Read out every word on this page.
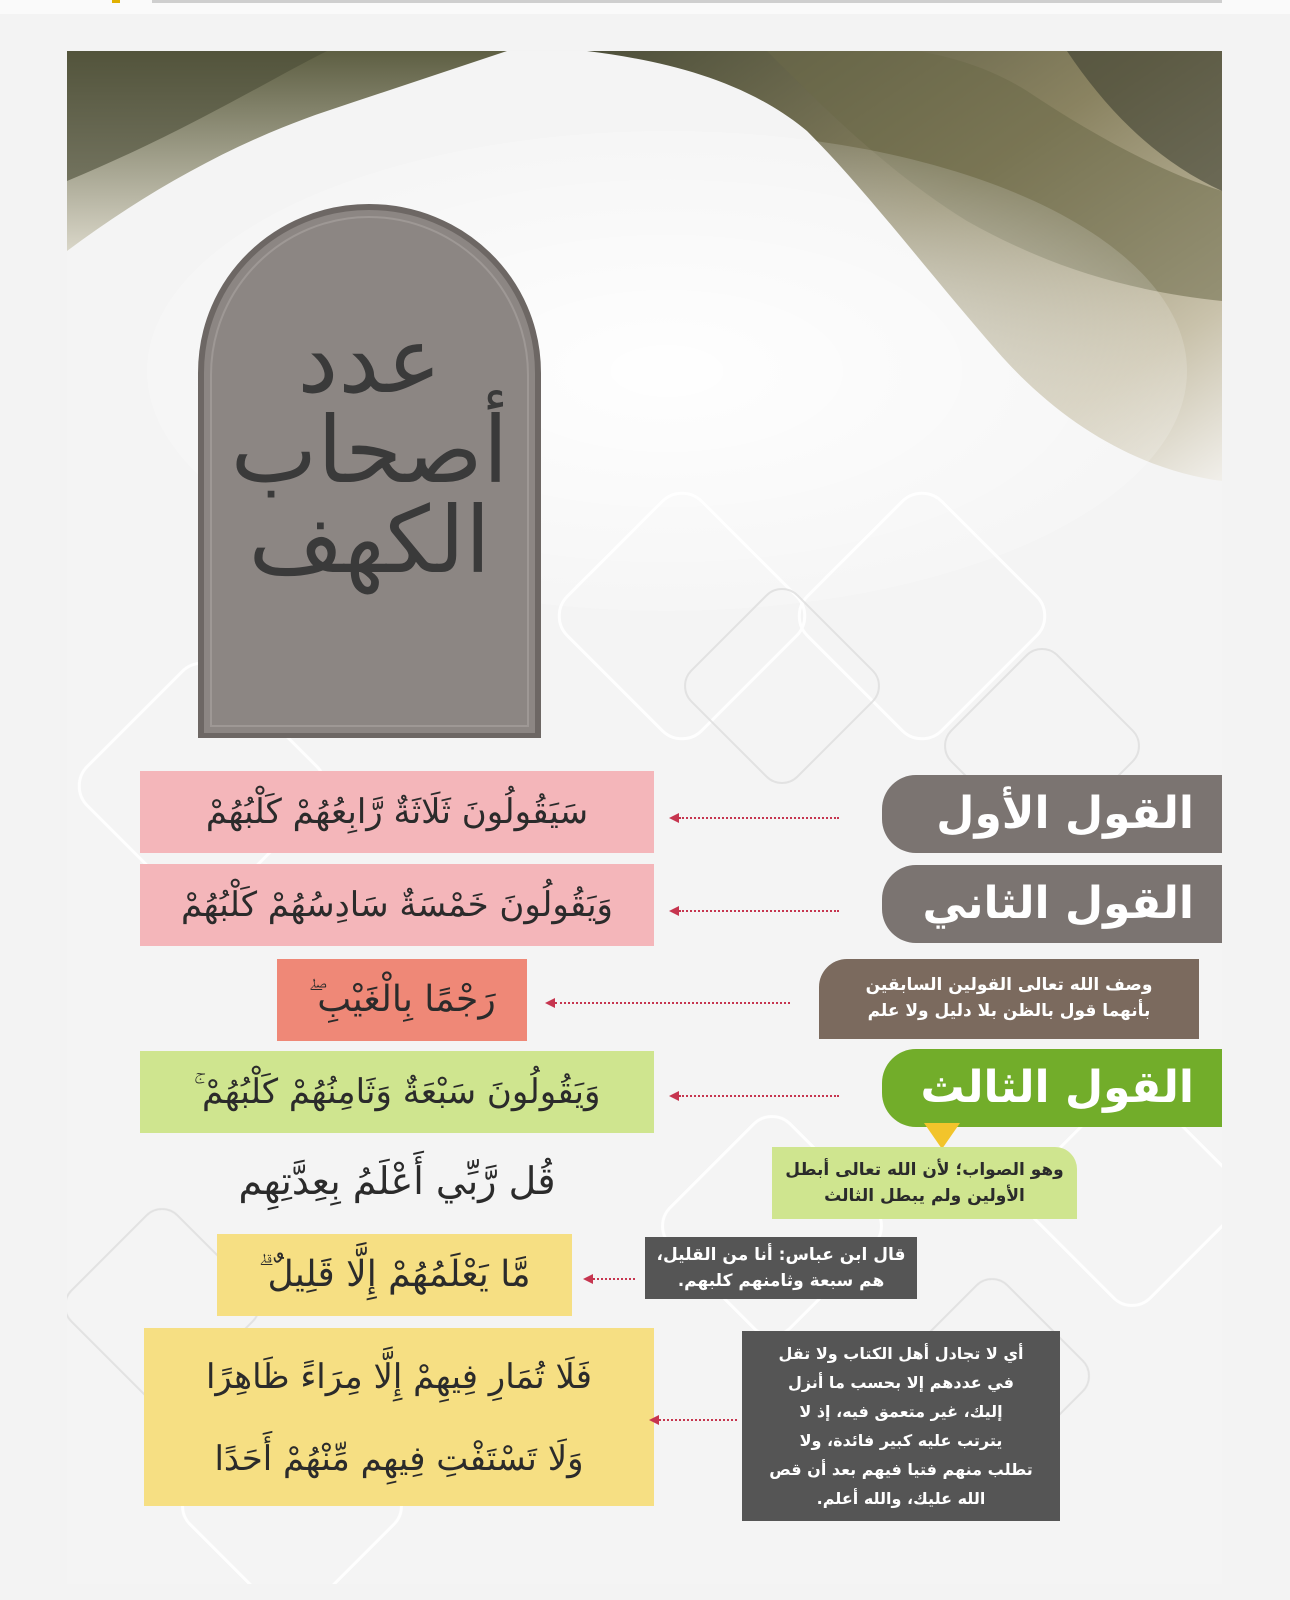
عدد
أصحاب
الكهف
القول الأول
القول الثاني
القول الثالث
سَيَقُولُونَ ثَلَاثَةٌ رَّابِعُهُمْ كَلْبُهُمْ
وَيَقُولُونَ خَمْسَةٌ سَادِسُهُمْ كَلْبُهُمْ
رَجْمًا بِالْغَيْبِ ۖ
وَيَقُولُونَ سَبْعَةٌ وَثَامِنُهُمْ كَلْبُهُمْ ۚ
قُل رَّبِّي أَعْلَمُ بِعِدَّتِهِم
مَّا يَعْلَمُهُمْ إِلَّا قَلِيلٌ ۗ
فَلَا تُمَارِ فِيهِمْ إِلَّا مِرَاءً ظَاهِرًا
وَلَا تَسْتَفْتِ فِيهِم مِّنْهُمْ أَحَدًا
وصف الله تعالى القولين السابقين
بأنهما قول بالظن بلا دليل ولا علم
وهو الصواب؛ لأن الله تعالى أبطل
الأولين ولم يبطل الثالث
قال ابن عباس: أنا من القليل،
هم سبعة وثامنهم كلبهم.
أي لا تجادل أهل الكتاب ولا تقل
في عددهم إلا بحسب ما أنزل
إليك، غير متعمق فيه، إذ لا
يترتب عليه كبير فائدة، ولا
تطلب منهم فتيا فيهم بعد أن قص
الله عليك، والله أعلم.
